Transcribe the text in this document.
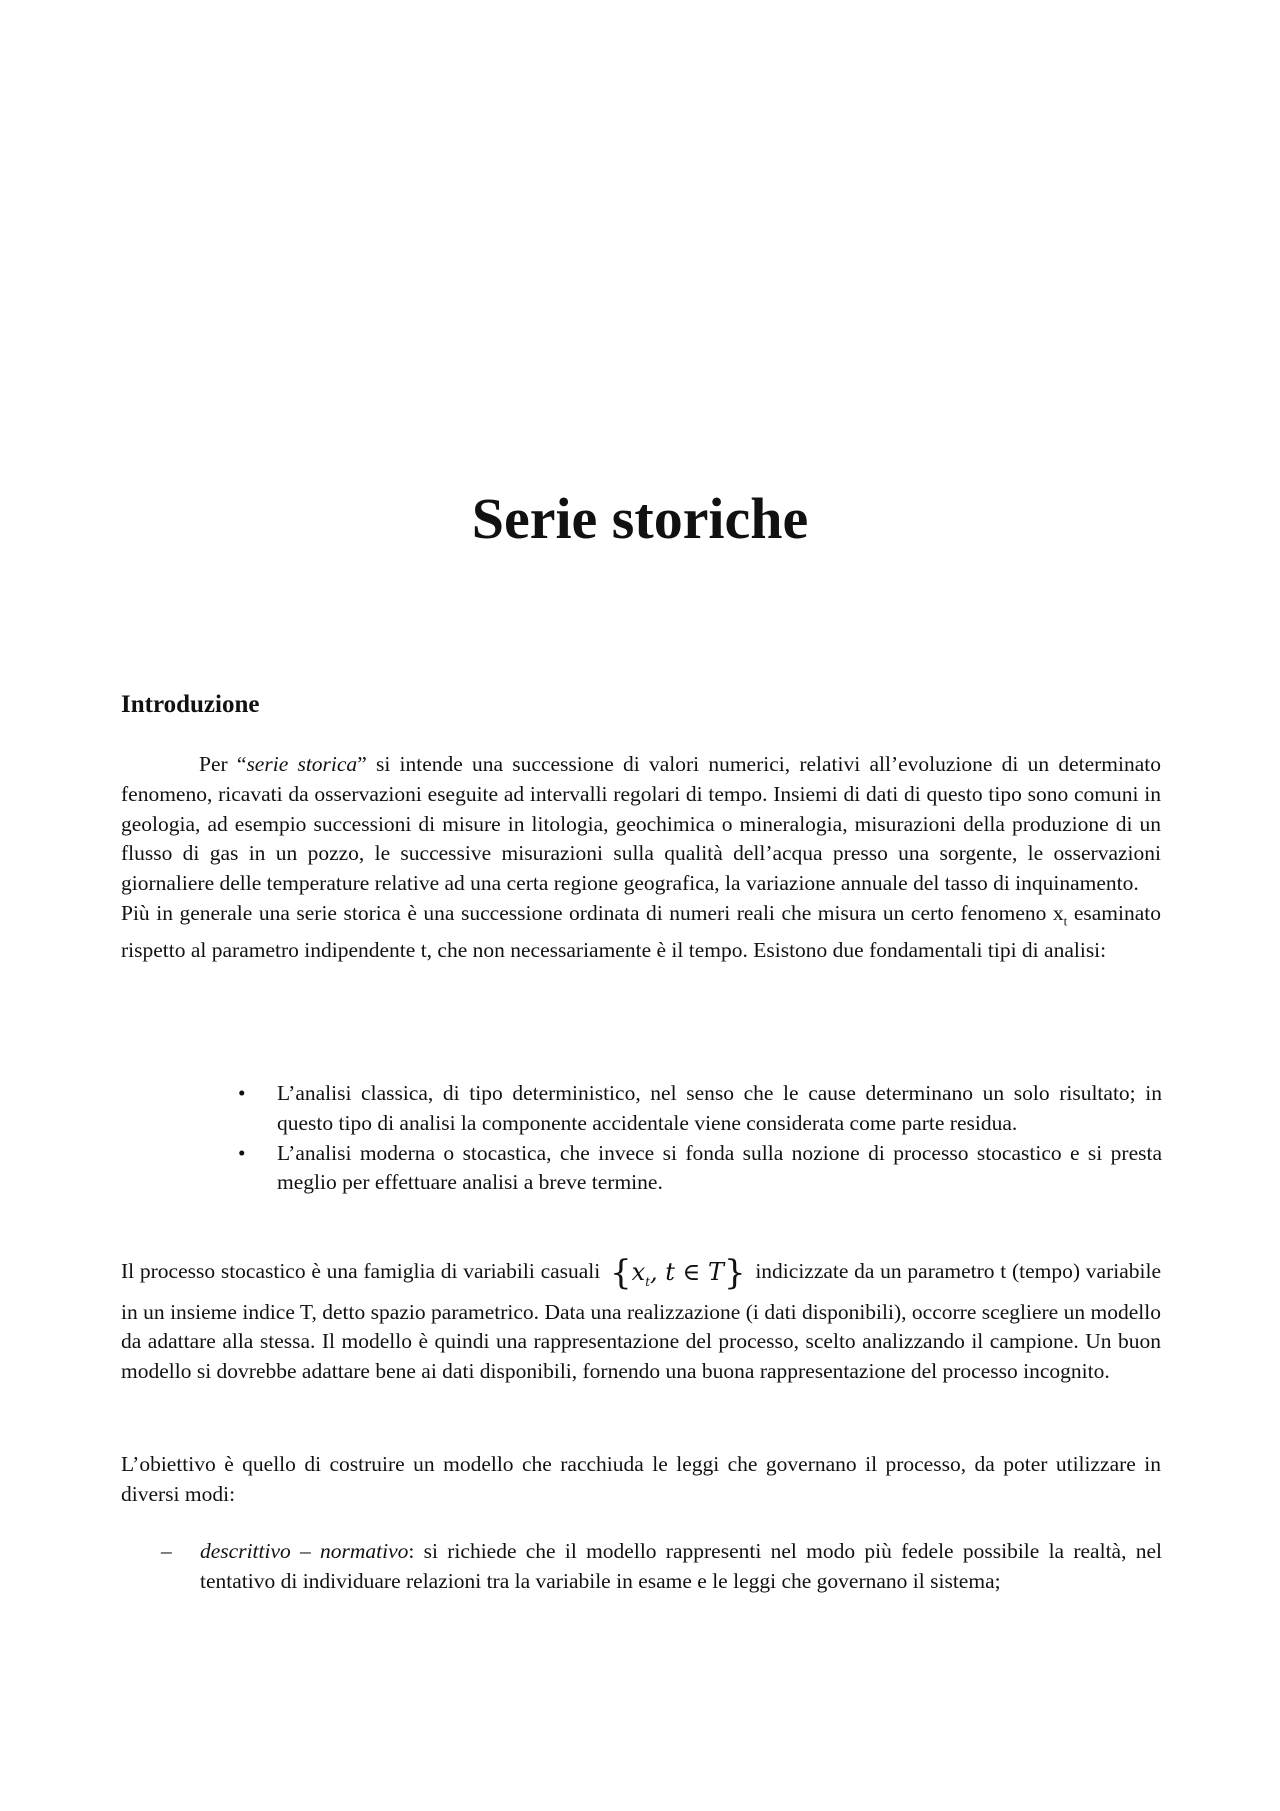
Serie storiche
Introduzione

Per “serie storica” si intende una successione di valori numerici, relativi all’evoluzione di un determinato fenomeno, ricavati da osservazioni eseguite ad intervalli regolari di tempo. Insiemi di dati di questo tipo sono comuni in geologia, ad esempio successioni di misure in litologia, geochimica o mineralogia, misurazioni della produzione di un flusso di gas in un pozzo, le successive misurazioni sulla qualità dell’acqua presso una sorgente, le osservazioni giornaliere delle temperature relative ad una certa regione geografica, la variazione annuale del tasso di inquinamento.
Più in generale una serie storica è una successione ordinata di numeri reali che misura un certo fenomeno $x_t$ esaminato rispetto al parametro indipendente t, che non necessariamente è il tempo. Esistono due fondamentali tipi di analisi:

• L’analisi classica, di tipo deterministico, nel senso che le cause determinano un solo risultato; in questo tipo di analisi la componente accidentale viene considerata come parte residua.
• L’analisi moderna o stocastica, che invece si fonda sulla nozione di processo stocastico e si presta meglio per effettuare analisi a breve termine.

Il processo stocastico è una famiglia di variabili casuali {$x_t$, t ∈ T} indicizzate da un parametro t (tempo) variabile in un insieme indice T, detto spazio parametrico. Data una realizzazione (i dati disponibili), occorre scegliere un modello da adattare alla stessa. Il modello è quindi una rappresentazione del processo, scelto analizzando il campione. Un buon modello si dovrebbe adattare bene ai dati disponibili, fornendo una buona rappresentazione del processo incognito.

L’obiettivo è quello di costruire un modello che racchiuda le leggi che governano il processo, da poter utilizzare in diversi modi:

– descrittivo – normativo: si richiede che il modello rappresenti nel modo più fedele possibile la realtà, nel tentativo di individuare relazioni tra la variabile in esame e le leggi che governano il sistema;
